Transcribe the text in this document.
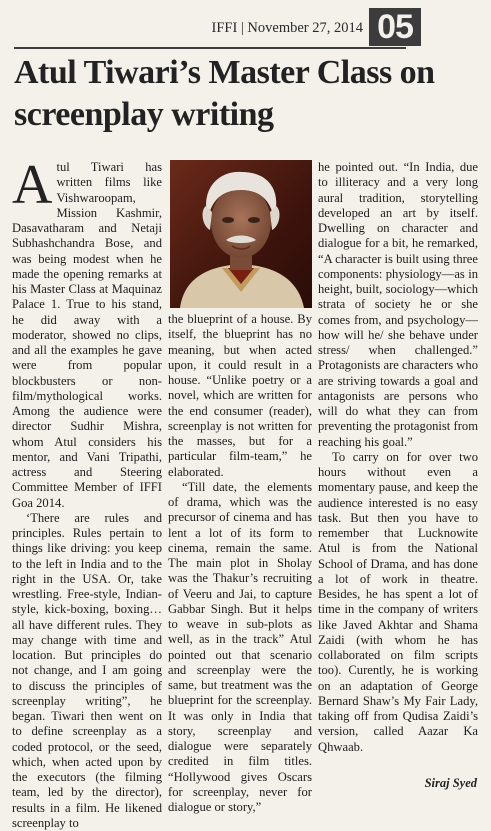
IFFI | November 27, 2014 05
Atul Tiwari’s Master Class on screenplay writing

Atul Tiwari has written films like Vishwaroopam, Mission Kashmir, Dasavatharam and Netaji Subhashchandra Bose, and was being modest when he made the opening remarks at his Master Class at Maquinaz Palace 1. True to his stand, he did away with a moderator, showed no clips, and all the examples he gave were from popular blockbusters or non-film/mythological works. Among the audience were director Sudhir Mishra, whom Atul considers his mentor, and Vani Tripathi, actress and Steering Committee Member of IFFI Goa 2014.

‘There are rules and principles. Rules pertain to things like driving: you keep to the left in India and to the right in the USA. Or, take wrestling. Free-style, Indian-style, kick-boxing, boxing…all have different rules. They may change with time and location. But principles do not change, and I am going to discuss the principles of screenplay writing”, he began. Tiwari then went on to define screenplay as a coded protocol, or the seed, which, when acted upon by the executors (the filming team, led by the director), results in a film. He likened screenplay to

the blueprint of a house. By itself, the blueprint has no meaning, but when acted upon, it could result in a house. “Unlike poetry or a novel, which are written for the end consumer (reader), screenplay is not written for the masses, but for a particular film-team,” he elaborated.

“Till date, the elements of drama, which was the precursor of cinema and has lent a lot of its form to cinema, remain the same. The main plot in Sholay was the Thakur’s recruiting of Veeru and Jai, to capture Gabbar Singh. But it helps to weave in sub-plots as well, as in the track” Atul pointed out that scenario and screenplay were the same, but treatment was the blueprint for the screenplay. It was only in India that story, screenplay and dialogue were separately credited in film titles. “Hollywood gives Oscars for screenplay, never for dialogue or story,”

he pointed out. “In India, due to illiteracy and a very long aural tradition, storytelling developed an art by itself. Dwelling on character and dialogue for a bit, he remarked, “A character is built using three components: physiology—as in height, built, sociology—which strata of society he or she comes from, and psychology—how will he/ she behave under stress/ when challenged.” Protagonists are characters who are striving towards a goal and antagonists are persons who will do what they can from preventing the protagonist from reaching his goal.”

To carry on for over two hours without even a momentary pause, and keep the audience interested is no easy task. But then you have to remember that Lucknowite Atul is from the National School of Drama, and has done a lot of work in theatre. Besides, he has spent a lot of time in the company of writers like Javed Akhtar and Shama Zaidi (with whom he has collaborated on film scripts too). Curently, he is working on an adaptation of George Bernard Shaw’s My Fair Lady, taking off from Qudisa Zaidi’s version, called Aazar Ka Qhwaab.

Siraj Syed
